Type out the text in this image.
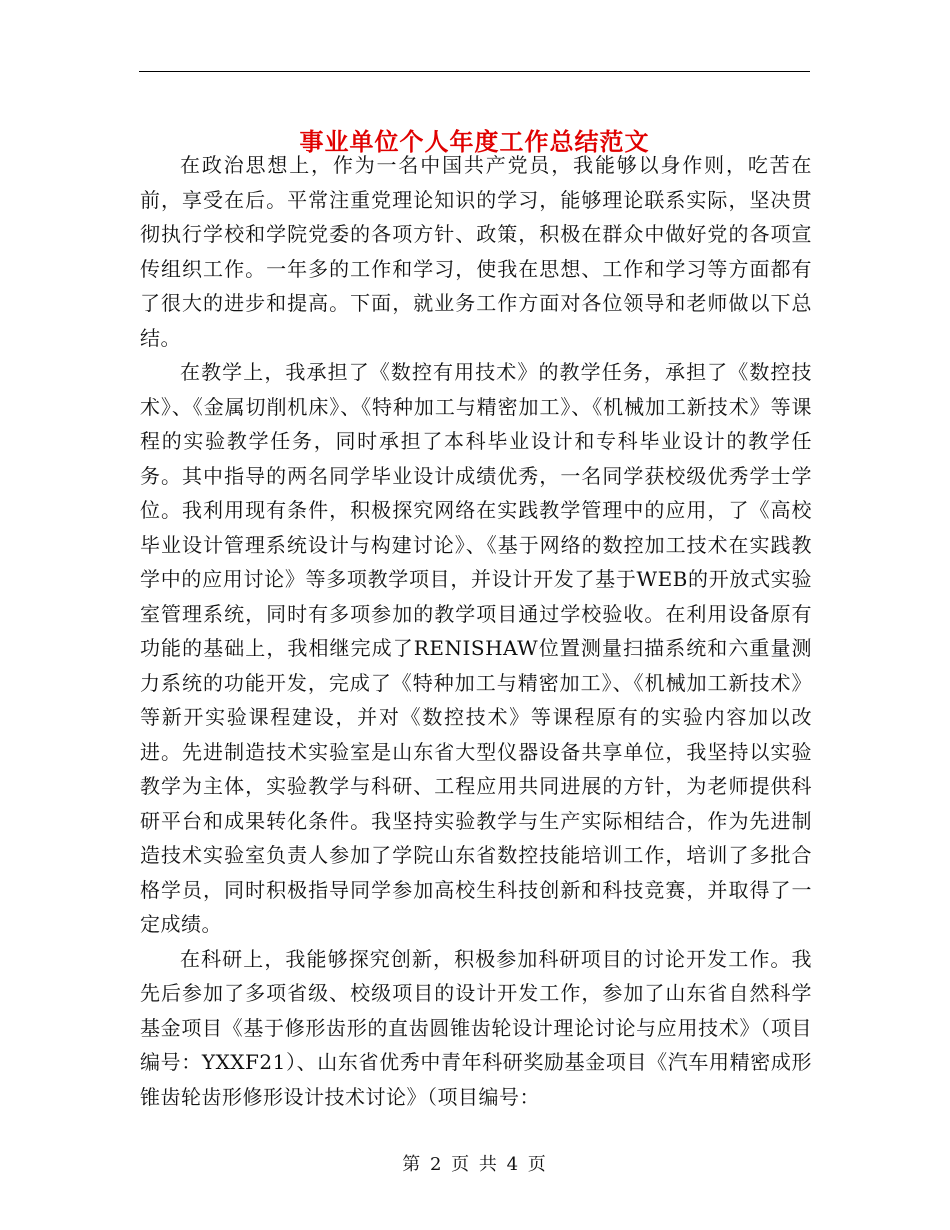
事业单位个人年度工作总结范文

在政治思想上，作为一名中国共产党员，我能够以身作则，吃苦在前，享受在后。平常注重党理论知识的学习，能够理论联系实际，坚决贯彻执行学校和学院党委的各项方针、政策，积极在群众中做好党的各项宣传组织工作。一年多的工作和学习，使我在思想、工作和学习等方面都有了很大的进步和提高。下面，就业务工作方面对各位领导和老师做以下总结。

在教学上，我承担了《数控有用技术》的教学任务，承担了《数控技术》、《金属切削机床》、《特种加工与精密加工》、《机械加工新技术》等课程的实验教学任务，同时承担了本科毕业设计和专科毕业设计的教学任务。其中指导的两名同学毕业设计成绩优秀，一名同学获校级优秀学士学位。我利用现有条件，积极探究网络在实践教学管理中的应用，了《高校毕业设计管理系统设计与构建讨论》、《基于网络的数控加工技术在实践教学中的应用讨论》等多项教学项目，并设计开发了基于WEB的开放式实验室管理系统，同时有多项参加的教学项目通过学校验收。在利用设备原有功能的基础上，我相继完成了RENISHAW位置测量扫描系统和六重量测力系统的功能开发，完成了《特种加工与精密加工》、《机械加工新技术》等新开实验课程建设，并对《数控技术》等课程原有的实验内容加以改进。先进制造技术实验室是山东省大型仪器设备共享单位，我坚持以实验教学为主体，实验教学与科研、工程应用共同进展的方针，为老师提供科研平台和成果转化条件。我坚持实验教学与生产实际相结合，作为先进制造技术实验室负责人参加了学院山东省数控技能培训工作，培训了多批合格学员，同时积极指导同学参加高校生科技创新和科技竞赛，并取得了一定成绩。

在科研上，我能够探究创新，积极参加科研项目的讨论开发工作。我先后参加了多项省级、校级项目的设计开发工作，参加了山东省自然科学基金项目《基于修形齿形的直齿圆锥齿轮设计理论讨论与应用技术》（项目编号：YXXF21）、山东省优秀中青年科研奖励基金项目《汽车用精密成形锥齿轮齿形修形设计技术讨论》（项目编号：

第 2 页 共 4 页
